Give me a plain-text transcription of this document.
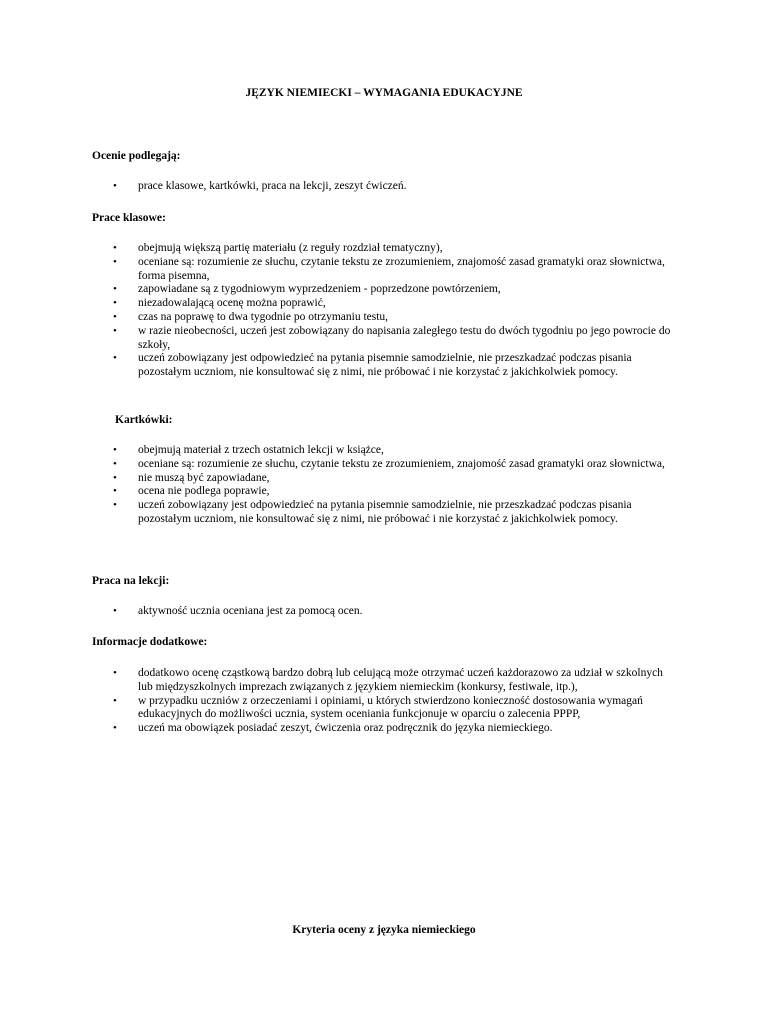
JĘZYK NIEMIECKI – WYMAGANIA EDUKACYJNE
Ocenie podlegają:
• prace klasowe, kartkówki, praca na lekcji, zeszyt ćwiczeń.
Prace klasowe:
• obejmują większą partię materiału (z reguły rozdział tematyczny),
• oceniane są: rozumienie ze słuchu, czytanie tekstu ze zrozumieniem, znajomość zasad gramatyki oraz słownictwa, forma pisemna,
• zapowiadane są z tygodniowym wyprzedzeniem - poprzedzone powtórzeniem,
• niezadowalającą ocenę można poprawić,
• czas na poprawę to dwa tygodnie po otrzymaniu testu,
• w razie nieobecności, uczeń jest zobowiązany do napisania zaległego testu do dwóch tygodniu po jego powrocie do szkoły,
• uczeń zobowiązany jest odpowiedzieć na pytania pisemnie samodzielnie, nie przeszkadzać podczas pisania pozostałym uczniom, nie konsultować się z nimi, nie próbować i nie korzystać z jakichkolwiek pomocy.
Kartkówki:
• obejmują materiał z trzech ostatnich lekcji w książce,
• oceniane są: rozumienie ze słuchu, czytanie tekstu ze zrozumieniem, znajomość zasad gramatyki oraz słownictwa,
• nie muszą być zapowiadane,
• ocena nie podlega poprawie,
• uczeń zobowiązany jest odpowiedzieć na pytania pisemnie samodzielnie, nie przeszkadzać podczas pisania pozostałym uczniom, nie konsultować się z nimi, nie próbować i nie korzystać z jakichkolwiek pomocy.
Praca na lekcji:
• aktywność ucznia oceniana jest za pomocą ocen.
Informacje dodatkowe:
• dodatkowo ocenę cząstkową bardzo dobrą lub celującą może otrzymać uczeń każdorazowo za udział w szkolnych lub międzyszkolnych imprezach związanych z językiem niemieckim (konkursy, festiwale, itp.),
• w przypadku uczniów z orzeczeniami i opiniami, u których stwierdzono konieczność dostosowania wymagań edukacyjnych do możliwości ucznia, system oceniania funkcjonuje w oparciu o zalecenia PPPP,
• uczeń ma obowiązek posiadać zeszyt, ćwiczenia oraz podręcznik do języka niemieckiego.
Kryteria oceny z języka niemieckiego
